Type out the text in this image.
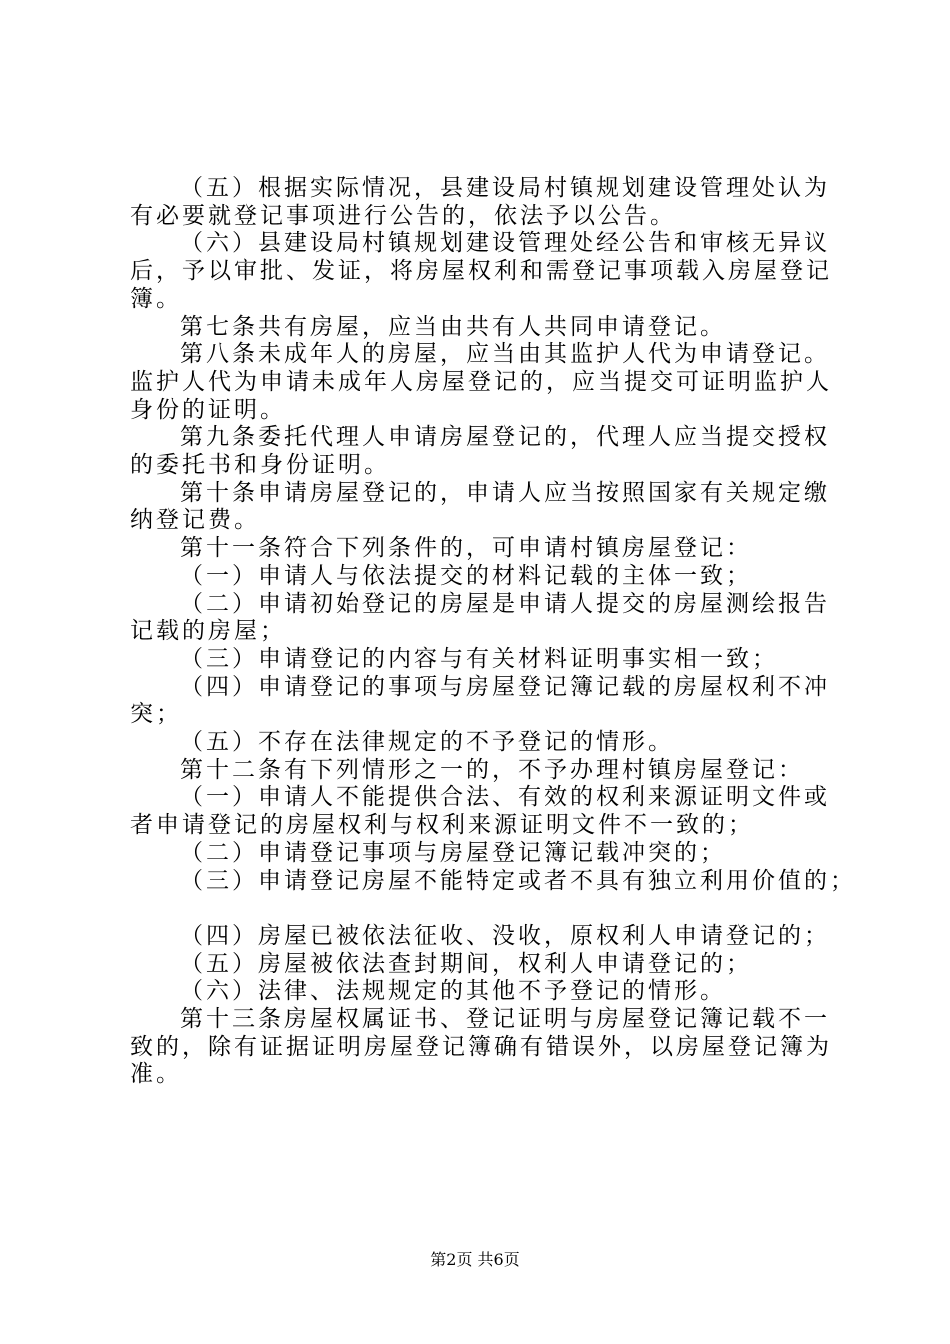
（五）根据实际情况，县建设局村镇规划建设管理处认为

有必要就登记事项进行公告的，依法予以公告。

（六）县建设局村镇规划建设管理处经公告和审核无异议

后，予以审批、发证，将房屋权利和需登记事项载入房屋登记

簿。

第七条共有房屋，应当由共有人共同申请登记。

第八条未成年人的房屋，应当由其监护人代为申请登记。

监护人代为申请未成年人房屋登记的，应当提交可证明监护人

身份的证明。

第九条委托代理人申请房屋登记的，代理人应当提交授权

的委托书和身份证明。

第十条申请房屋登记的，申请人应当按照国家有关规定缴

纳登记费。

第十一条符合下列条件的，可申请村镇房屋登记：

（一）申请人与依法提交的材料记载的主体一致；

（二）申请初始登记的房屋是申请人提交的房屋测绘报告

记载的房屋；

（三）申请登记的内容与有关材料证明事实相一致；

（四）申请登记的事项与房屋登记簿记载的房屋权利不冲

突；

（五）不存在法律规定的不予登记的情形。

第十二条有下列情形之一的，不予办理村镇房屋登记：

（一）申请人不能提供合法、有效的权利来源证明文件或

者申请登记的房屋权利与权利来源证明文件不一致的；

（二）申请登记事项与房屋登记簿记载冲突的；

（三）申请登记房屋不能特定或者不具有独立利用价值的；

（四）房屋已被依法征收、没收，原权利人申请登记的；

（五）房屋被依法查封期间，权利人申请登记的；

（六）法律、法规规定的其他不予登记的情形。

第十三条房屋权属证书、登记证明与房屋登记簿记载不一

致的，除有证据证明房屋登记簿确有错误外，以房屋登记簿为

准。

第2页 共6页
